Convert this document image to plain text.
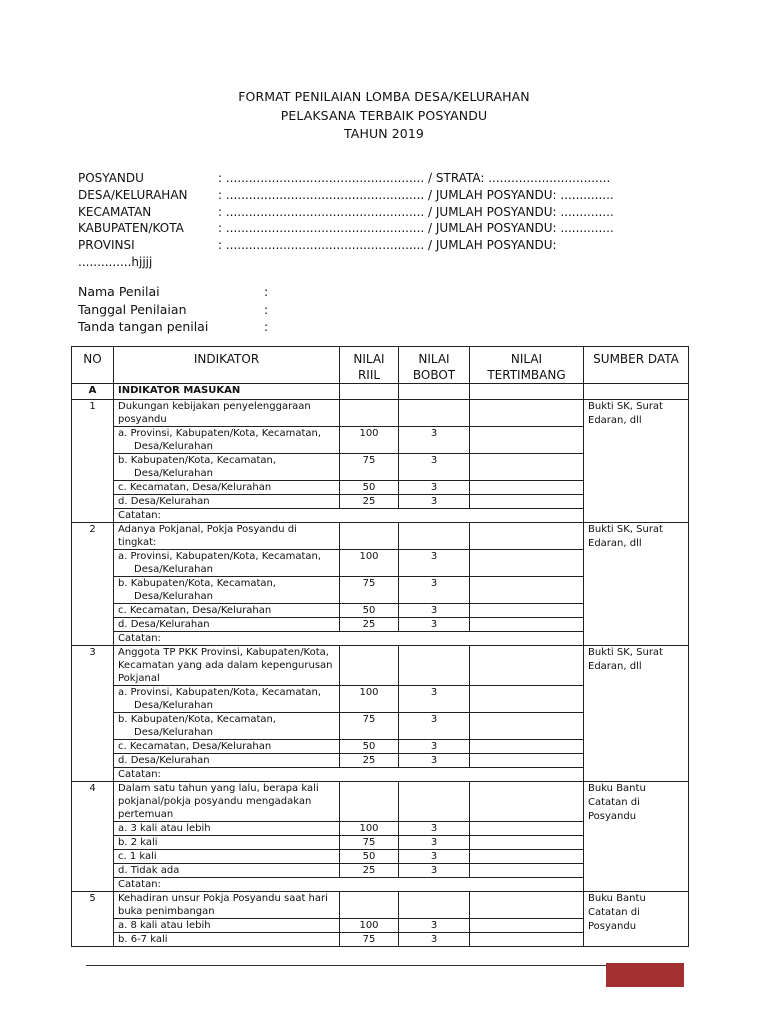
FORMAT PENILAIAN LOMBA DESA/KELURAHAN
PELAKSANA TERBAIK POSYANDU
TAHUN 2019
POSYANDU	: .................................................... / STRATA: ................................
DESA/KELURAHAN	: .................................................... / JUMLAH POSYANDU: ..............
KECAMATAN	: .................................................... / JUMLAH POSYANDU: ..............
KABUPATEN/KOTA	: .................................................... / JUMLAH POSYANDU: ..............
PROVINSI	: .................................................... / JUMLAH POSYANDU:
..............hjjjj
Nama Penilai	:
Tanggal Penilaian	:
Tanda tangan penilai	:
NO	INDIKATOR	NILAI RIIL	NILAI BOBOT	NILAI TERTIMBANG	SUMBER DATA
A	INDIKATOR MASUKAN				
1	Dukungan kebijakan penyelenggaraan posyandu				Bukti SK, Surat Edaran, dll
	a. Provinsi, Kabupaten/Kota, Kecamatan, Desa/Kelurahan	100	3		
	b. Kabupaten/Kota, Kecamatan, Desa/Kelurahan	75	3		
	c. Kecamatan, Desa/Kelurahan	50	3		
	d. Desa/Kelurahan	25	3		
	Catatan:				
2	Adanya Pokjanal, Pokja Posyandu di tingkat:				Bukti SK, Surat Edaran, dll
	a. Provinsi, Kabupaten/Kota, Kecamatan, Desa/Kelurahan	100	3		
	b. Kabupaten/Kota, Kecamatan, Desa/Kelurahan	75	3		
	c. Kecamatan, Desa/Kelurahan	50	3		
	d. Desa/Kelurahan	25	3		
	Catatan:				
3	Anggota TP PKK Provinsi, Kabupaten/Kota, Kecamatan yang ada dalam kepengurusan Pokjanal				Bukti SK, Surat Edaran, dll
	a. Provinsi, Kabupaten/Kota, Kecamatan, Desa/Kelurahan	100	3		
	b. Kabupaten/Kota, Kecamatan, Desa/Kelurahan	75	3		
	c. Kecamatan, Desa/Kelurahan	50	3		
	d. Desa/Kelurahan	25	3		
	Catatan:				
4	Dalam satu tahun yang lalu, berapa kali pokjanal/pokja posyandu mengadakan pertemuan				Buku Bantu Catatan di Posyandu
	a. 3 kali atau lebih	100	3		
	b. 2 kali	75	3		
	c. 1 kali	50	3		
	d. Tidak ada	25	3		
	Catatan:				
5	Kehadiran unsur Pokja Posyandu saat hari buka penimbangan				Buku Bantu Catatan di Posyandu
	a. 8 kali atau lebih	100	3		
	b. 6-7 kali	75	3		
